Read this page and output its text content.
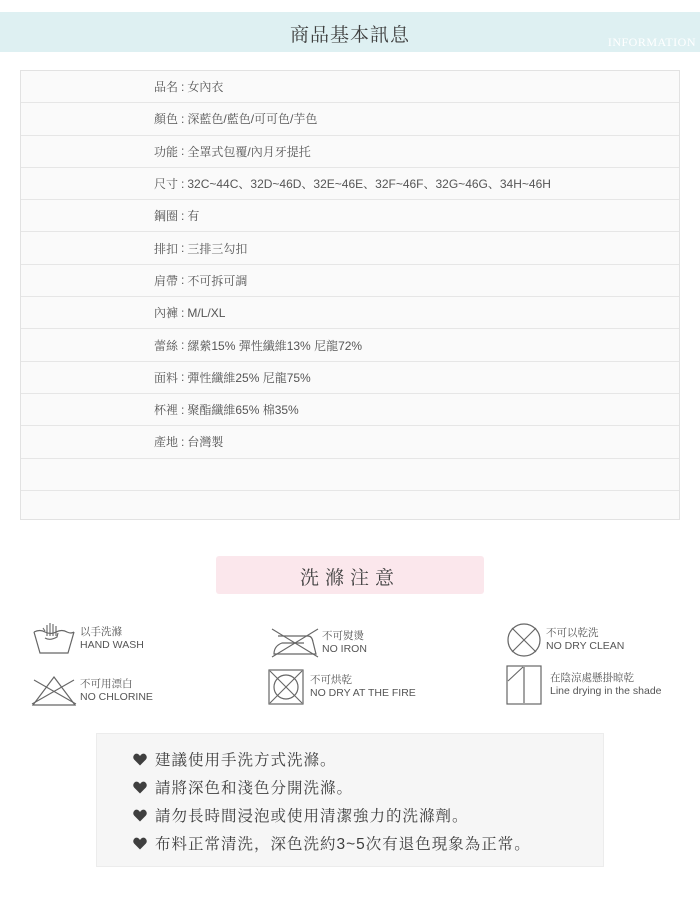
商品基本訊息	INFORMATION
品名 : 女內衣
顏色 : 深藍色/藍色/可可色/芋色
功能 : 全罩式包覆/內月牙提托
尺寸 : 32C~44C、32D~46D、32E~46E、32F~46F、32G~46G、34H~46H
鋼圈 : 有
排扣 : 三排三勾扣
肩帶 : 不可拆可調
內褲 : M/L/XL
蕾絲 : 縲縈15% 彈性纖維13% 尼龍72%
面料 : 彈性纖維25% 尼龍75%
杯裡 : 聚酯纖維65% 棉35%
產地 : 台灣製
洗滌注意
以手洗滌
HAND WASH
不可熨燙
NO IRON
不可以乾洗
NO DRY CLEAN
不可用漂白
NO CHLORINE
不可烘乾
NO DRY AT THE FIRE
在陰涼處懸掛晾乾
Line drying in the shade
建議使用手洗方式洗滌。
請將深色和淺色分開洗滌。
請勿長時間浸泡或使用清潔強力的洗滌劑。
布料正常清洗，深色洗約3~5次有退色現象為正常。
